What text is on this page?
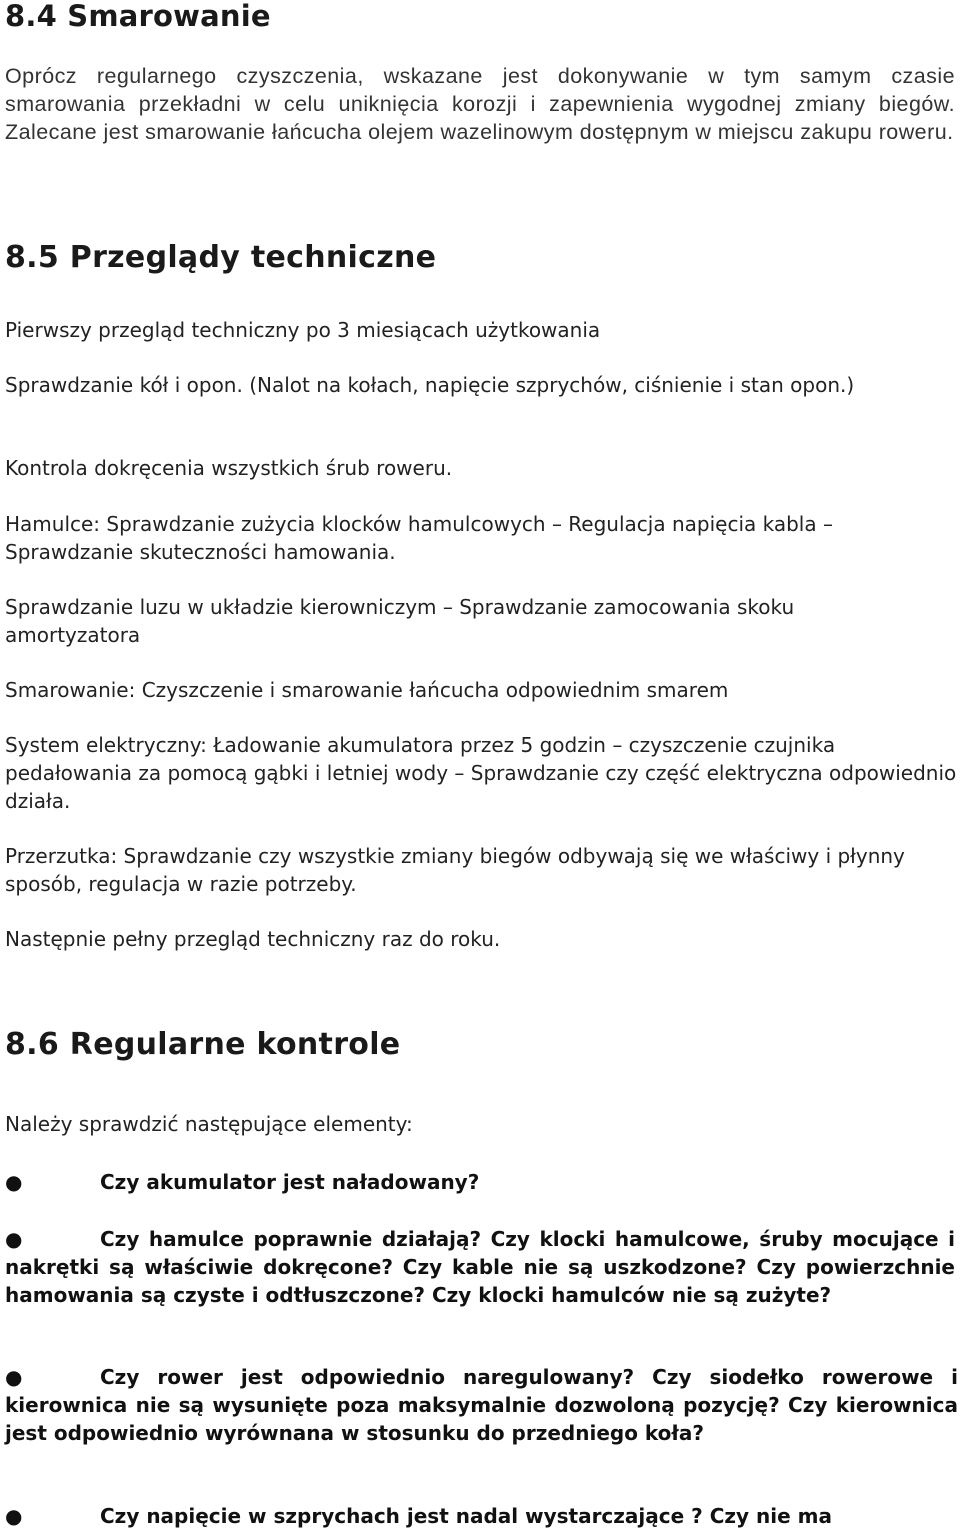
8.4 Smarowanie

Oprócz regularnego czyszczenia, wskazane jest dokonywanie w tym samym czasie smarowania przekładni w celu uniknięcia korozji i zapewnienia wygodnej zmiany biegów. Zalecane jest smarowanie łańcucha olejem wazelinowym dostępnym w miejscu zakupu roweru.

8.5 Przeglądy techniczne

Pierwszy przegląd techniczny po 3 miesiącach użytkowania

Sprawdzanie kół i opon. (Nalot na kołach, napięcie szprychów, ciśnienie i stan opon.)

Kontrola dokręcenia wszystkich śrub roweru.

Hamulce: Sprawdzanie zużycia klocków hamulcowych – Regulacja napięcia kabla – Sprawdzanie skuteczności hamowania.

Sprawdzanie luzu w układzie kierowniczym – Sprawdzanie zamocowania skoku amortyzatora

Smarowanie: Czyszczenie i smarowanie łańcucha odpowiednim smarem

System elektryczny: Ładowanie akumulatora przez 5 godzin – czyszczenie czujnika pedałowania za pomocą gąbki i letniej wody – Sprawdzanie czy część elektryczna odpowiednio działa.

Przerzutka: Sprawdzanie czy wszystkie zmiany biegów odbywają się we właściwy i płynny sposób, regulacja w razie potrzeby.

Następnie pełny przegląd techniczny raz do roku.

8.6 Regularne kontrole

Należy sprawdzić następujące elementy:

●	Czy akumulator jest naładowany?

●	Czy hamulce poprawnie działają? Czy klocki hamulcowe, śruby mocujące i nakrętki są właściwie dokręcone? Czy kable nie są uszkodzone? Czy powierzchnie hamowania są czyste i odtłuszczone? Czy klocki hamulców nie są zużyte?

●	Czy rower jest odpowiednio naregulowany? Czy siodełko rowerowe i kierownica nie są wysunięte poza maksymalnie dozwoloną pozycję? Czy kierownica jest odpowiednio wyrównana w stosunku do przedniego koła?

●	Czy napięcie w szprychach jest nadal wystarczające ? Czy nie ma
